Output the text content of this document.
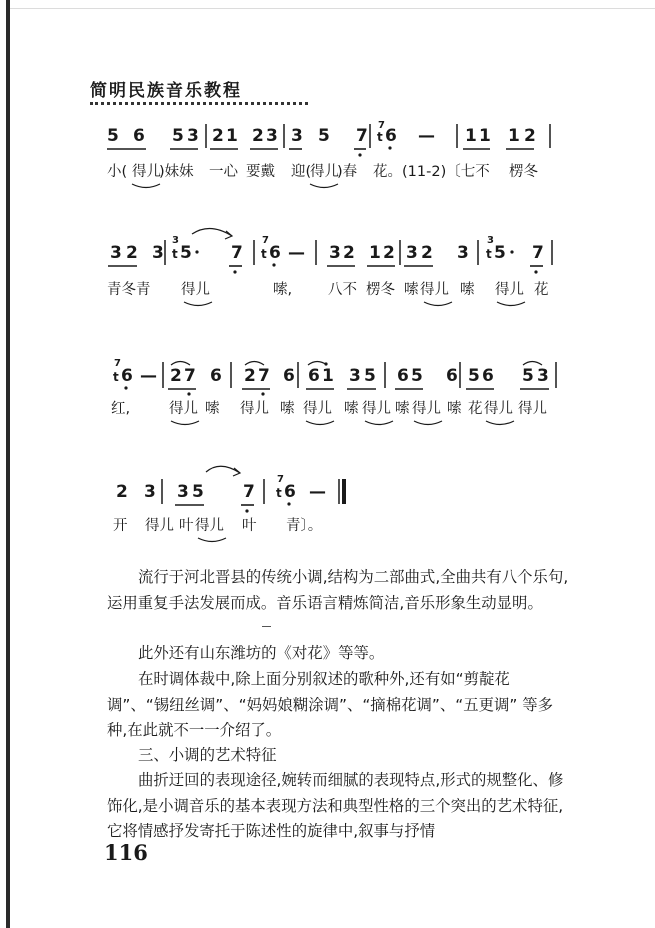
简明民族音乐教程
5 6 5 3 2 1 2 3 3 5 7
7
t 6 — 1 1 1 2
3 2 3
3
t 5 7
7
t 6 — 3 2 1 2 3 2 3
3
t 5 7
7
t 6 — 2 7 6 2 7 6 6 1 3 5 6 5 6 5 6 5 3
2 3 3 5 7
7
t 6 —
小( 得儿
)妹妹 一心 要戴 迎(
得儿
)春 花。(11-2)〔七不 楞冬
青冬青 得儿	嗦, 八不 楞冬 嗦 得儿 嗦 得儿 花
红,	得儿 嗦 得儿 嗦 得儿 嗦 得儿 嗦 得儿 嗦 花 得儿 得儿
开 得儿 叶 得儿 叶 青〕。

流行于河北晋县的传统小调,结构为二部曲式,全曲共有八个乐句,运用重复手法发展而成。音乐语言精炼简洁,音乐形象生动显明。

此外还有山东潍坊的《对花》等等。

在时调体裁中,除上面分别叙述的歌种外,还有如“剪靛花调”、“锡纽丝调”、“妈妈娘糊涂调”、“摘棉花调”、“五更调” 等多种,在此就不一一介绍了。

三、小调的艺术特征

曲折迂回的表现途径,婉转而细腻的表现特点,形式的规整化、修饰化,是小调音乐的基本表现方法和典型性格的三个突出的艺术特征,它将情感抒发寄托于陈述性的旋律中,叙事与抒情

116
